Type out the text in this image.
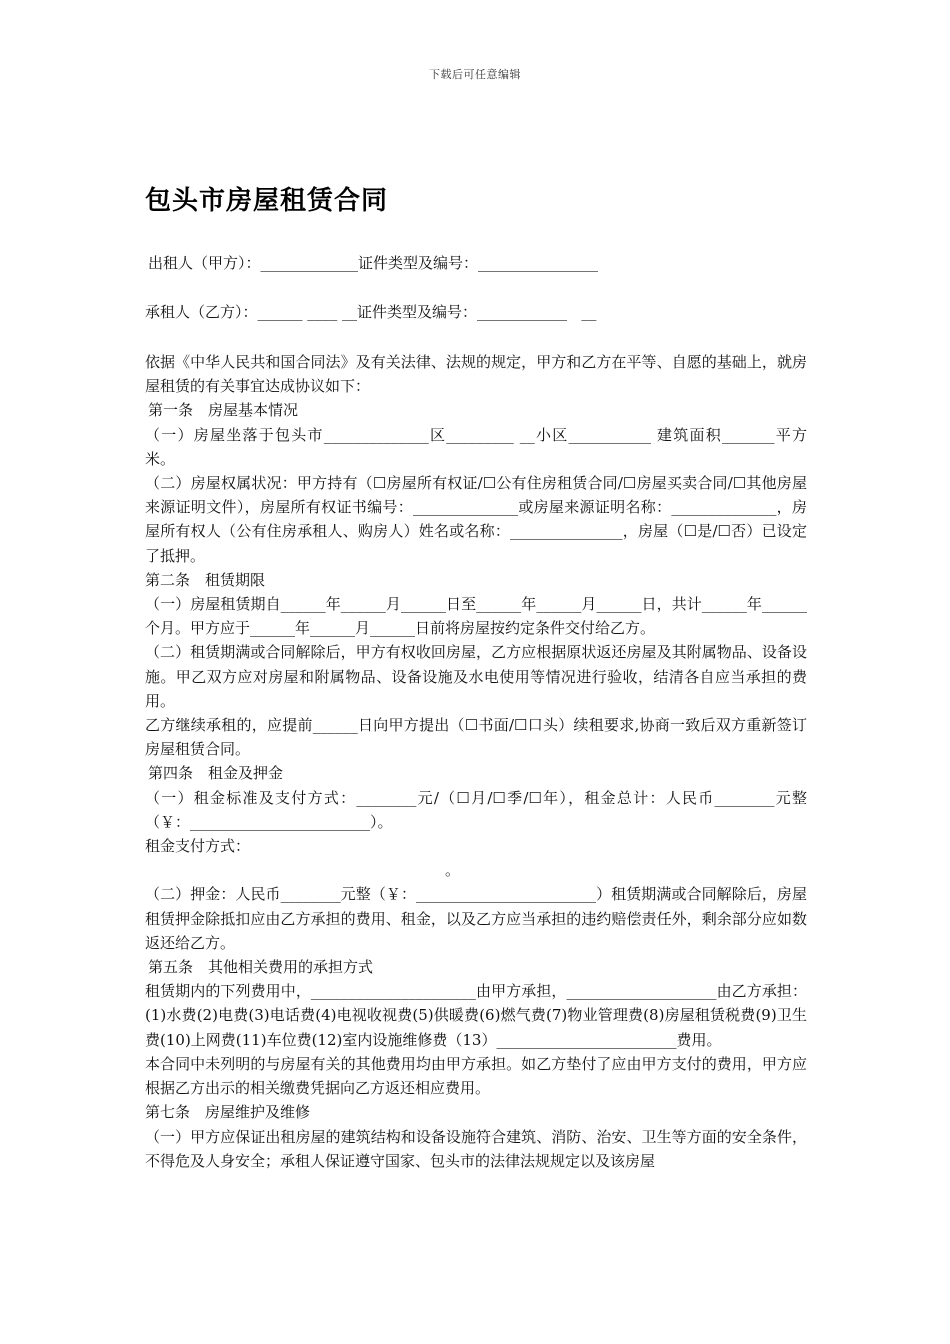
下载后可任意编辑
包头市房屋租赁合同
出租人（甲方）：_____________证件类型及编号：________________
承租人（乙方）：______ ____ __证件类型及编号：____________   __

依据《中华人民共和国合同法》及有关法律、法规的规定，甲方和乙方在平等、自愿的基础上，就房屋租赁的有关事宜达成协议如下：

第一条　房屋基本情况

（一）房屋坐落于包头市______________区_________ __小区___________ 建筑面积_______平方米。

（二）房屋权属状况：甲方持有（☐房屋所有权证/☐公有住房租赁合同/☐房屋买卖合同/☐其他房屋来源证明文件），房屋所有权证书编号：______________或房屋来源证明名称：______________，房屋所有权人（公有住房承租人、购房人）姓名或名称：_______________，房屋（☐是/☐否）已设定了抵押。

第二条　租赁期限

（一）房屋租赁期自______年______月______日至______年______月______日，共计______年______个月。甲方应于______年______月______日前将房屋按约定条件交付给乙方。

（二）租赁期满或合同解除后，甲方有权收回房屋，乙方应根据原状返还房屋及其附属物品、设备设施。甲乙双方应对房屋和附属物品、设备设施及水电使用等情况进行验收，结清各自应当承担的费用。

乙方继续承租的，应提前______日向甲方提出（☐书面/☐口头）续租要求,协商一致后双方重新签订房屋租赁合同。

第四条　租金及押金

（一）租金标准及支付方式：________元/（☐月/☐季/☐年），租金总计：人民币________元整（￥：________________________）。

租金支付方式：

。

（二）押金：人民币________元整（￥：________________________）租赁期满或合同解除后，房屋租赁押金除抵扣应由乙方承担的费用、租金，以及乙方应当承担的违约赔偿责任外，剩余部分应如数返还给乙方。

第五条　其他相关费用的承担方式

租赁期内的下列费用中，______________________由甲方承担，____________________由乙方承担：(1)水费(2)电费(3)电话费(4)电视收视费(5)供暖费(6)燃气费(7)物业管理费(8)房屋租赁税费(9)卫生费(10)上网费(11)车位费(12)室内设施维修费（13）________________________费用。

本合同中未列明的与房屋有关的其他费用均由甲方承担。如乙方垫付了应由甲方支付的费用，甲方应根据乙方出示的相关缴费凭据向乙方返还相应费用。

第七条　房屋维护及维修

（一）甲方应保证出租房屋的建筑结构和设备设施符合建筑、消防、治安、卫生等方面的安全条件，不得危及人身安全；承租人保证遵守国家、包头市的法律法规规定以及该房屋
